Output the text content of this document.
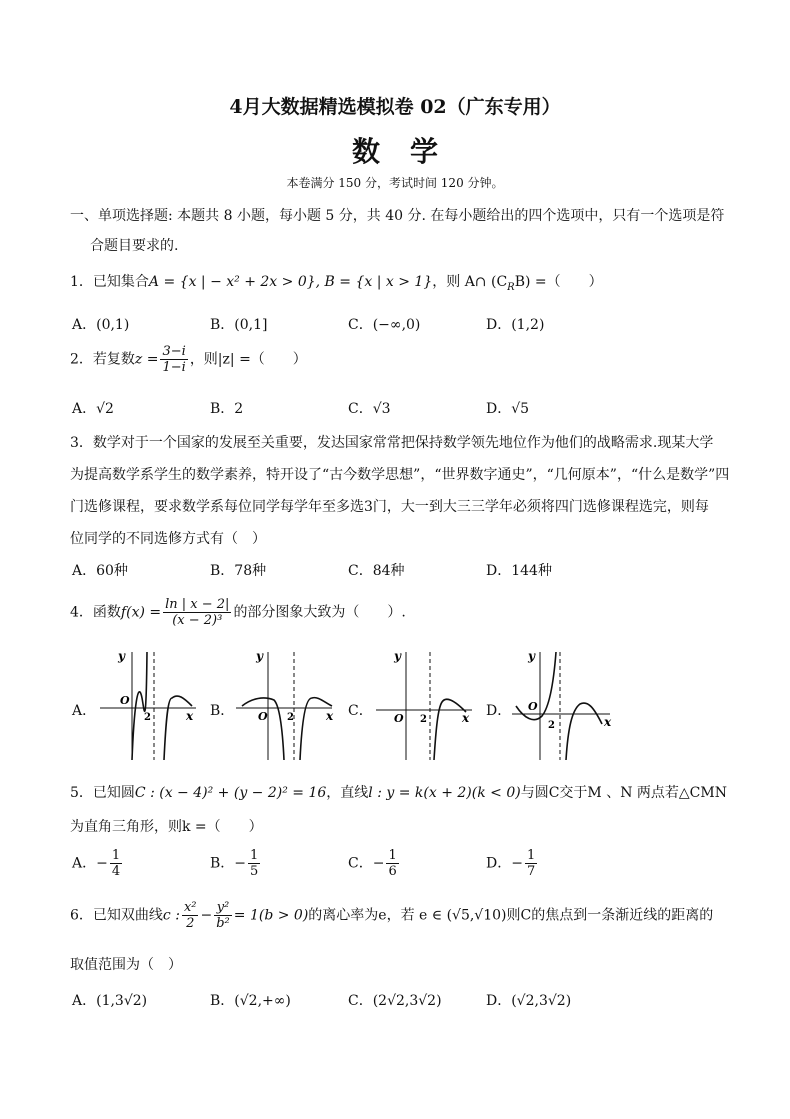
4月大数据精选模拟卷 02（广东专用）
数学
本卷满分 150 分，考试时间 120 分钟。
一、单项选择题: 本题共 8 小题，每小题 5 分，共 40 分. 在每小题给出的四个选项中，只有一个选项是符
合题目要求的.
1．已知集合A = {x | − x² + 2x > 0}, B = {x | x > 1}，则 A∩ $(C_RB)$ =（　　）
A．(0,1)	B．(0,1]	C．(−∞,0)	D．(1,2)
2．若复数$z = \frac{3-i}{1-i}$ ，则|z| =（　　）
A．√2	B．2	C．√3	D．√5
3．数学对于一个国家的发展至关重要，发达国家常常把保持数学领先地位作为他们的战略需求.现某大学
为提高数学系学生的数学素养，特开设了“古今数学思想”，“世界数字通史”，“几何原本”，“什么是数学”四
门选修课程，要求数学系每位同学每学年至多选3门，大一到大三三学年必须将四门选修课程选完，则每
位同学的不同选修方式有（　）
A．60种	B．78种	C．84种	D．144种
4．函数$f(x) = \frac{\ln | x - 2|}{\text{(x − 2)³}}$ 的部分图象大致为（　　）.
A．	B．	C．	D．
y
O
2	x
y
O 2	x
y
O 2	x
y
O
2	x
5．已知圆C : (x − 4)² + (y − 2)² = 16，直线l : y = k(x + 2)(k < 0)与圆C交于M 、N 两点若△CMN
为直角三角形，则k =（　　）
A．− $\frac{1}{4}$	B．− $\frac{1}{5}$	C．− $\frac{1}{6}$	D．− $\frac{1}{7}$
6．已知双曲线c : $\frac{\text{x²}}{2} - \frac{\text{y²}}{\text{b²}} = 1(b > 0)$的离心率为e，若 e ∈ (√5,√10)则C的焦点到一条渐近线的距离的
取值范围为（　）
A．(1,3√2)	B．(√2,+∞)	C．(2√2,3√2)	D．(√2,3√2)
